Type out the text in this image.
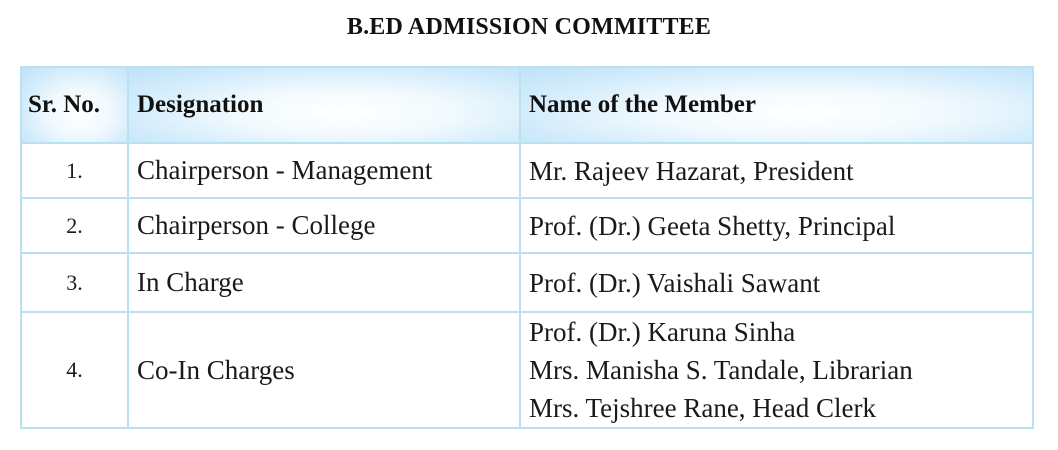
B.ED ADMISSION COMMITTEE
Sr. No.	Designation	Name of the Member
1.	Chairperson - Management	Mr. Rajeev Hazarat, President

2.	Chairperson - College	Prof. (Dr.) Geeta Shetty, Principal

3.	In Charge	Prof. (Dr.) Vaishali Sawant

4.	Co-In Charges	Prof. (Dr.) Karuna Sinha
Mrs. Manisha S. Tandale, Librarian
Mrs. Tejshree Rane, Head Clerk
